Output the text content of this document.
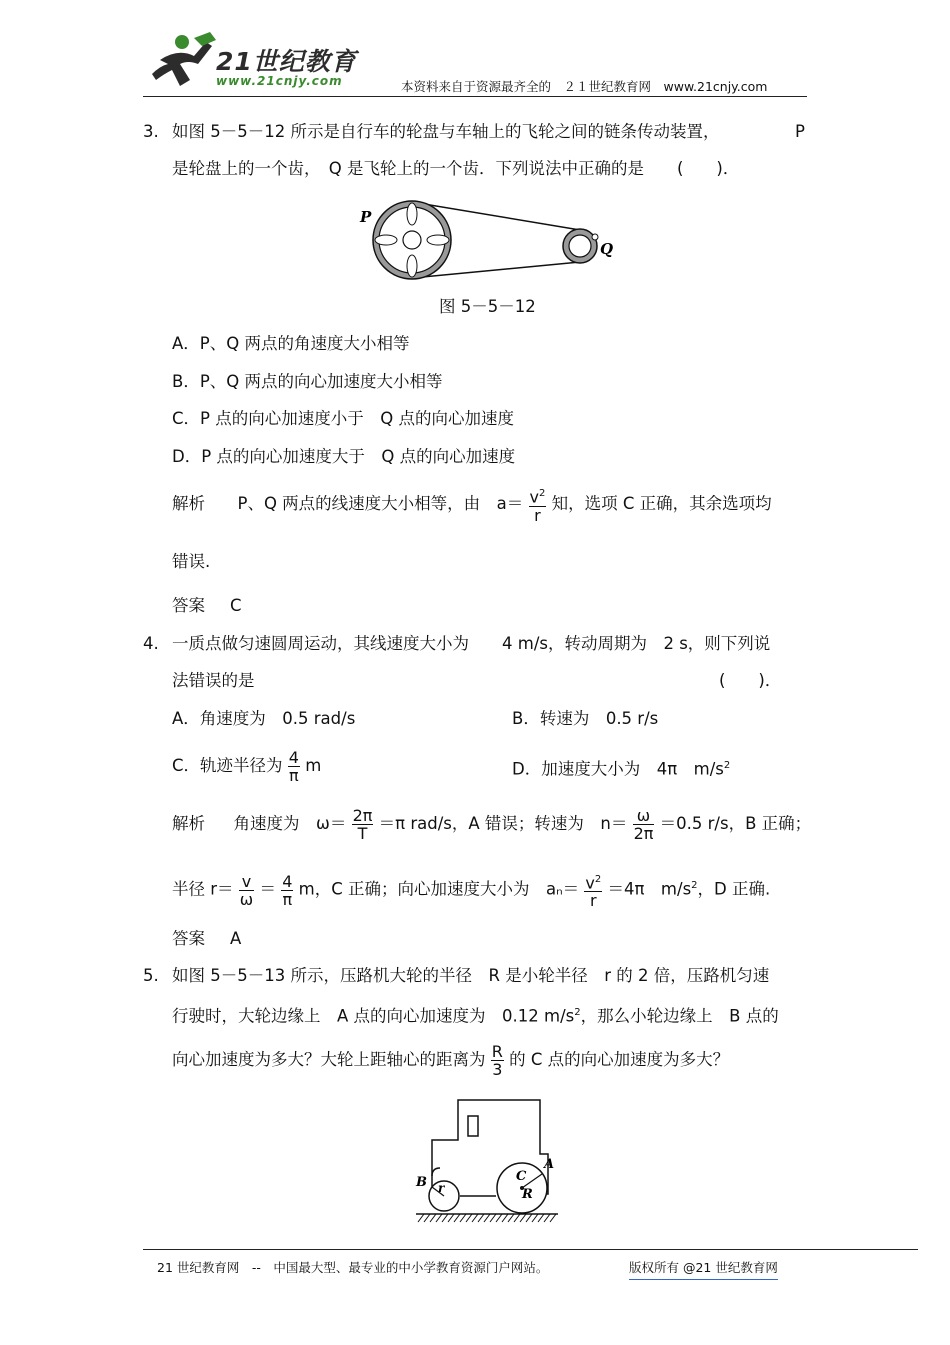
21世纪教育
www.21cnjy.com	本资料来自于资源最齐全的　２１世纪教育网　www.21cnjy.com
3. 如图 5－5－12 所示是自行车的轮盘与车轴上的飞轮之间的链条传动装置，	P
是轮盘上的一个齿，　Q 是飞轮上的一个齿．下列说法中正确的是　　(　　)．
P
Q
图 5－5－12
A．P、Q 两点的角速度大小相等
B．P、Q 两点的向心加速度大小相等
C．P 点的向心加速度小于　Q 点的向心加速度
D．P 点的向心加速度大于　Q 点的向心加速度
解析 P、Q 两点的线速度大小相等，由　$a= \frac{v^2}{r}$ 知，选项 C 正确，其余选项均
错误.
答案 C
4. 一质点做匀速圆周运动，其线速度大小为　　4 m/s，转动周期为　2 s，则下列说
法错误的是	(　　)．
A．角速度为　0.5 rad/s	B．转速为　0.5 r/s
C．轨迹半径为 $\frac{4}{\pi}$ m	D．加速度大小为　4π　$m/s^2$
解析 角速度为　$\omega= \frac{2\pi}{T} =\pi$ rad/s，A 错误；转速为　$n= \frac{\omega}{2\pi} =0.5$ r/s，B 正确；
半径 $r= \frac{v}{\omega} = \frac{4}{\pi}$ m，C 正确；向心加速度大小为　$a_n= \frac{v^2}{r} =4\pi$　$m/s^2$，D 正确.
答案 A
5. 如图 5－5－13 所示，压路机大轮的半径　R 是小轮半径　r 的 2 倍，压路机匀速
行驶时，大轮边缘上　A 点的向心加速度为　0.12 $m/s^2$，那么小轮边缘上　B 点的
向心加速度为多大？大轮上距轴心的距离为 $\frac{R}{3}$ 的 C 点的向心加速度为多大？
A
B	C
R
r
21 世纪教育网　--　中国最大型、最专业的中小学教育资源门户网站。	版权所有 @21 世纪教育网
